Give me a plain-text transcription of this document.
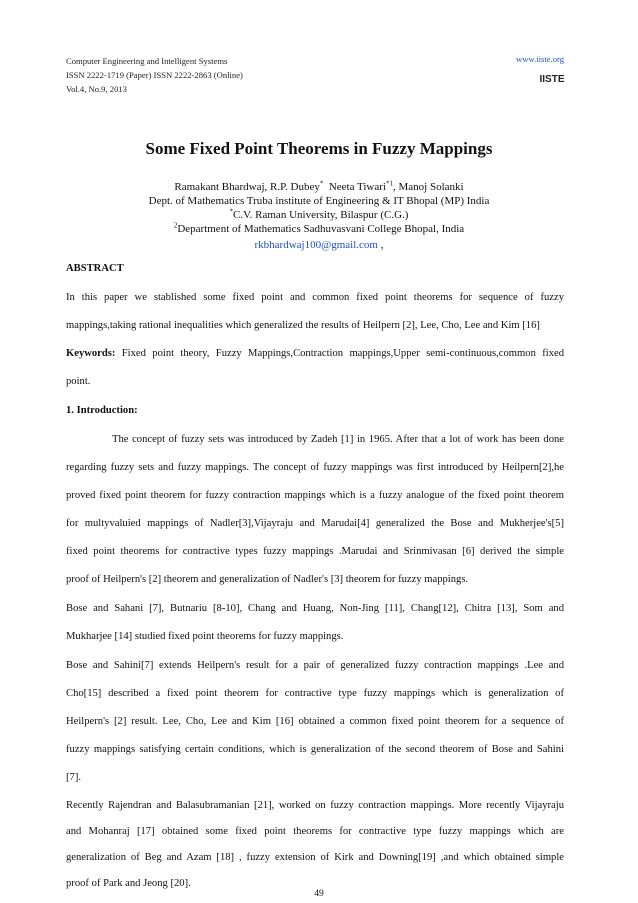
Computer Engineering and Intelligent Systems
ISSN 2222-1719 (Paper) ISSN 2222-2863 (Online)
Vol.4, No.9, 2013
www.iiste.org
IISTE
Some Fixed Point Theorems in Fuzzy Mappings
Ramakant Bhardwaj, R.P. Dubey*  Neeta Tiwari$^{*1}$, Manoj Solanki
Dept. of Mathematics Truba institute of Engineering & IT Bhopal (MP) India
*C.V. Raman University, Bilaspur (C.G.)
$^2$Department of Mathematics Sadhuvasvani College Bhopal, India
rkbhardwaj100@gmail.com ,
ABSTRACT
In this paper we stablished some fixed point and common fixed point theorems for sequence of fuzzy
mappings,taking rational inequalities which generalized the results of Heilpern [2], Lee, Cho, Lee and Kim [16]
Keywords: Fixed point theory, Fuzzy Mappings,Contraction mappings,Upper semi-continuous,common fixed
point.
1. Introduction:
The concept of fuzzy sets was introduced by Zadeh [1] in 1965. After that a lot of work has been done
regarding fuzzy sets and fuzzy mappings. The concept of fuzzy mappings was first introduced by Heilpern[2],he
proved fixed point theorem for fuzzy contraction mappings which is a fuzzy analogue of the fixed point theorem
for multyvaluied mappings of Nadler[3],Vijayraju and Marudai[4] generalized the Bose and Mukherjee's[5]
fixed point theorems for contractive types fuzzy mappings .Marudai and Srinmivasan [6] derived the simple
proof of Heilpern's [2] theorem and generalization of Nadler's [3] theorem for fuzzy mappings.
Bose and Sahani [7], Butnariu [8-10], Chang and Huang, Non-Jing [11], Chang[12], Chitra [13], Som and
Mukharjee [14] studied fixed point theorems for fuzzy mappings.
Bose and Sahini[7] extends Heilpern's result for a pair of generalized fuzzy contraction mappings .Lee and
Cho[15] described a fixed point theorem for contractive type fuzzy mappings which is generalization of
Heilpern's [2] result. Lee, Cho, Lee and Kim [16] obtained a common fixed point theorem for a sequence of
fuzzy mappings satisfying certain conditions, which is generalization of the second theorem of Bose and Sahini
[7].
Recently Rajendran and Balasubramanian [21], worked on fuzzy contraction mappings. More recently Vijayraju
and Mohanraj [17] obtained some fixed point theorems for contractive type fuzzy mappings which are
generalization of Beg and Azam [18] , fuzzy extension of Kirk and Downing[19] ,and which obtained simple
proof of Park and Jeong [20].
49
